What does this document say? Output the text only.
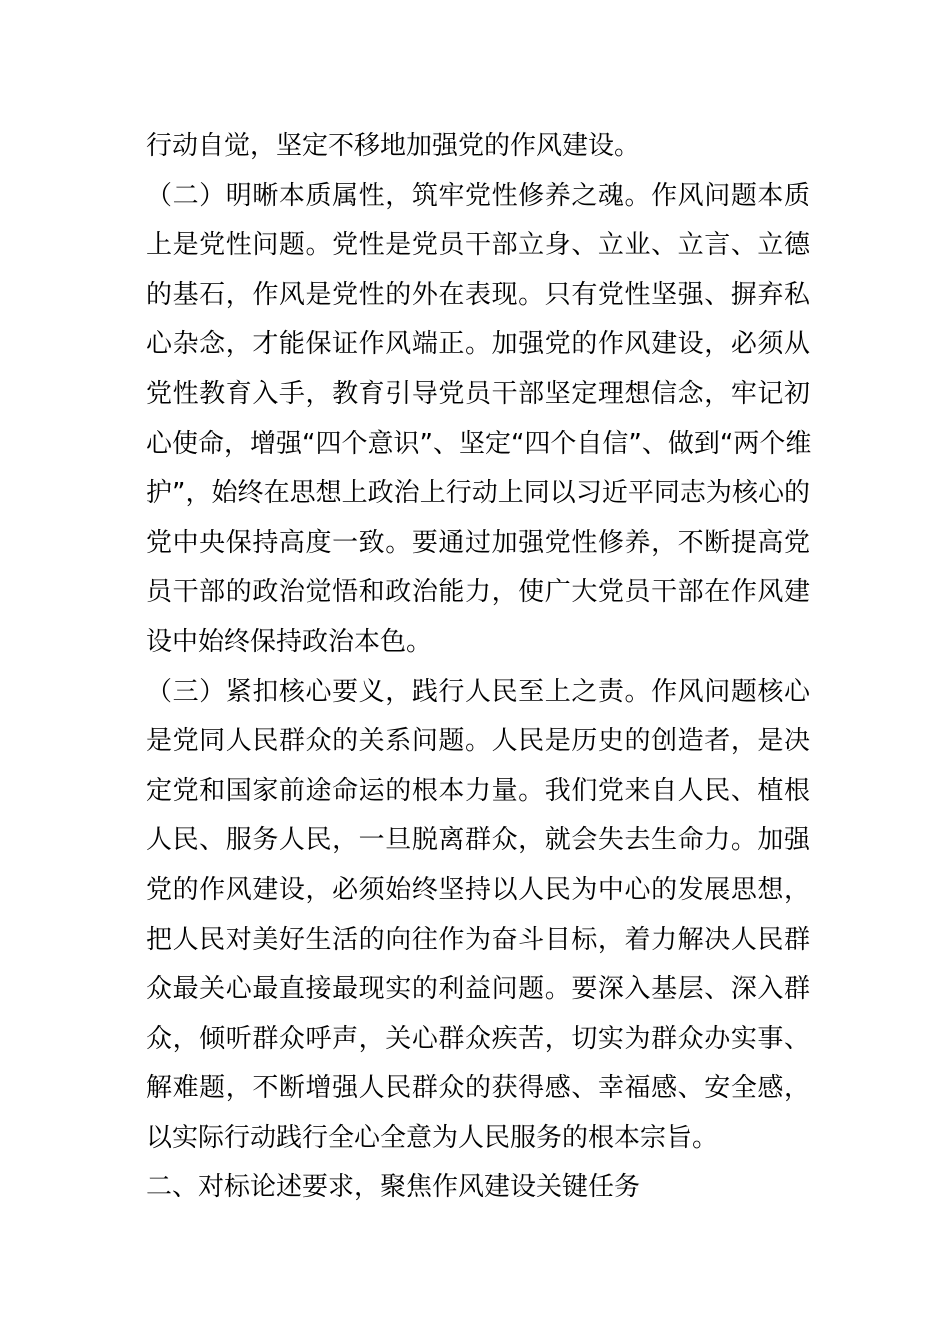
行动自觉，坚定不移地加强党的作风建设。
（二）明晰本质属性，筑牢党性修养之魂。作风问题本质
上是党性问题。党性是党员干部立身、立业、立言、立德
的基石，作风是党性的外在表现。只有党性坚强、摒弃私
心杂念，才能保证作风端正。加强党的作风建设，必须从
党性教育入手，教育引导党员干部坚定理想信念，牢记初
心使命，增强“四个意识”、坚定“四个自信”、做到“两个维
护”，始终在思想上政治上行动上同以习近平同志为核心的
党中央保持高度一致。要通过加强党性修养，不断提高党
员干部的政治觉悟和政治能力，使广大党员干部在作风建
设中始终保持政治本色。
（三）紧扣核心要义，践行人民至上之责。作风问题核心
是党同人民群众的关系问题。人民是历史的创造者，是决
定党和国家前途命运的根本力量。我们党来自人民、植根
人民、服务人民，一旦脱离群众，就会失去生命力。加强
党的作风建设，必须始终坚持以人民为中心的发展思想，
把人民对美好生活的向往作为奋斗目标，着力解决人民群
众最关心最直接最现实的利益问题。要深入基层、深入群
众，倾听群众呼声，关心群众疾苦，切实为群众办实事、
解难题，不断增强人民群众的获得感、幸福感、安全感，
以实际行动践行全心全意为人民服务的根本宗旨。
二、对标论述要求，聚焦作风建设关键任务
